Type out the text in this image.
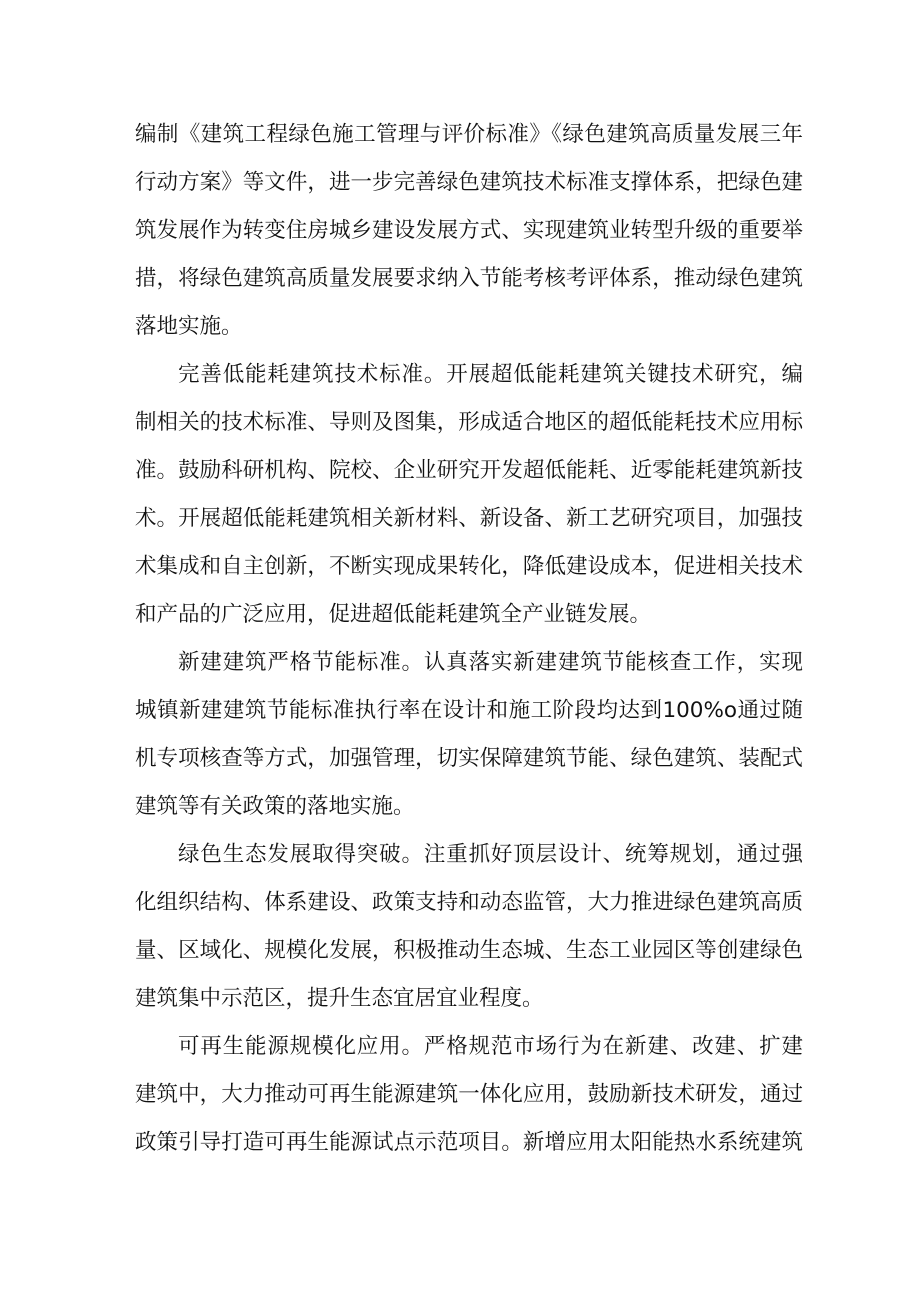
编制《建筑工程绿色施工管理与评价标准》《绿色建筑高质量发展三年
行动方案》等文件，进一步完善绿色建筑技术标准支撑体系，把绿色建
筑发展作为转变住房城乡建设发展方式、实现建筑业转型升级的重要举
措，将绿色建筑高质量发展要求纳入节能考核考评体系，推动绿色建筑
落地实施。
完善低能耗建筑技术标准。开展超低能耗建筑关键技术研究，编
制相关的技术标准、导则及图集，形成适合地区的超低能耗技术应用标
准。鼓励科研机构、院校、企业研究开发超低能耗、近零能耗建筑新技
术。开展超低能耗建筑相关新材料、新设备、新工艺研究项目，加强技
术集成和自主创新，不断实现成果转化，降低建设成本，促进相关技术
和产品的广泛应用，促进超低能耗建筑全产业链发展。
新建建筑严格节能标准。认真落实新建建筑节能核查工作，实现
城镇新建建筑节能标准执行率在设计和施工阶段均达到100%o通过随
机专项核查等方式，加强管理，切实保障建筑节能、绿色建筑、装配式
建筑等有关政策的落地实施。
绿色生态发展取得突破。注重抓好顶层设计、统筹规划，通过强
化组织结构、体系建设、政策支持和动态监管，大力推进绿色建筑高质
量、区域化、规模化发展，积极推动生态城、生态工业园区等创建绿色
建筑集中示范区，提升生态宜居宜业程度。
可再生能源规模化应用。严格规范市场行为在新建、改建、扩建
建筑中，大力推动可再生能源建筑一体化应用，鼓励新技术研发，通过
政策引导打造可再生能源试点示范项目。新增应用太阳能热水系统建筑
